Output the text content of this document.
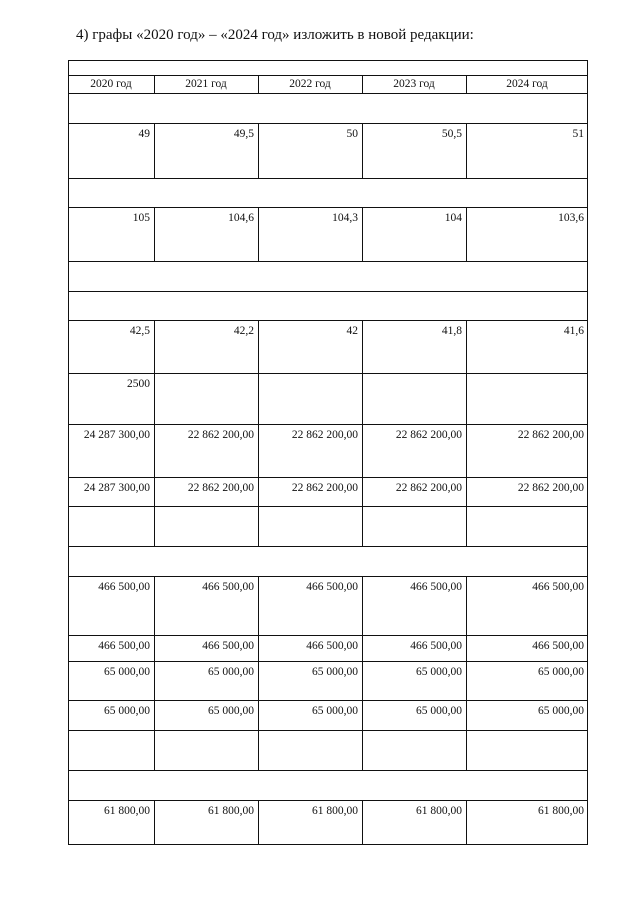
4) графы «2020 год» – «2024 год» изложить в новой редакции:
2020 год	2021 год	2022 год	2023 год	2024 год
49	49,5	50	50,5	51
105	104,6	104,3	104	103,6
42,5	42,2	42	41,8	41,6
2500
24 287 300,00	22 862 200,00	22 862 200,00	22 862 200,00	22 862 200,00
24 287 300,00	22 862 200,00	22 862 200,00	22 862 200,00	22 862 200,00
466 500,00	466 500,00	466 500,00	466 500,00	466 500,00
466 500,00	466 500,00	466 500,00	466 500,00	466 500,00
65 000,00	65 000,00	65 000,00	65 000,00	65 000,00
65 000,00	65 000,00	65 000,00	65 000,00	65 000,00
61 800,00	61 800,00	61 800,00	61 800,00	61 800,00
